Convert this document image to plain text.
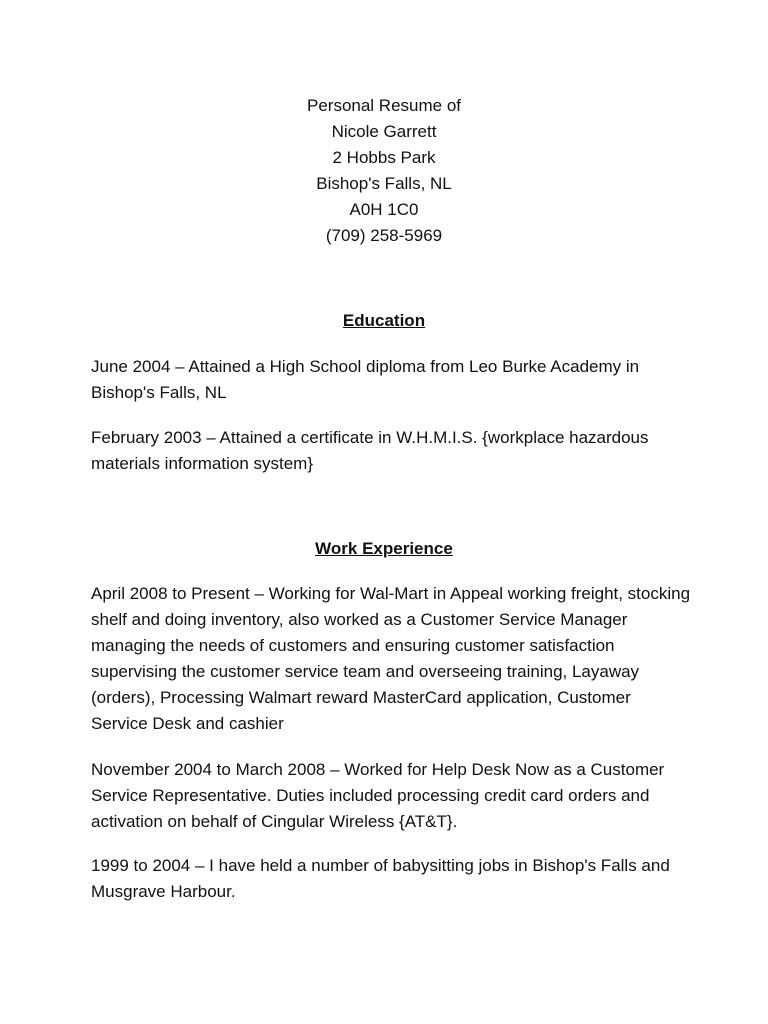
Personal Resume of
Nicole Garrett
2 Hobbs Park
Bishop's Falls, NL
A0H 1C0
(709) 258-5969
Education

June 2004 – Attained a High School diploma from Leo Burke Academy in Bishop's Falls, NL

February 2003 – Attained a certificate in W.H.M.I.S. {workplace hazardous materials information system}

Work Experience

April 2008 to Present – Working for Wal-Mart in Appeal working freight, stocking shelf and doing inventory, also worked as a Customer Service Manager managing the needs of customers and ensuring customer satisfaction supervising the customer service team and overseeing training, Layaway (orders), Processing Walmart reward MasterCard application, Customer Service Desk and cashier

November 2004 to March 2008 – Worked for Help Desk Now as a Customer Service Representative. Duties included processing credit card orders and activation on behalf of Cingular Wireless {AT&T}.

1999 to 2004 – I have held a number of babysitting jobs in Bishop's Falls and Musgrave Harbour.
